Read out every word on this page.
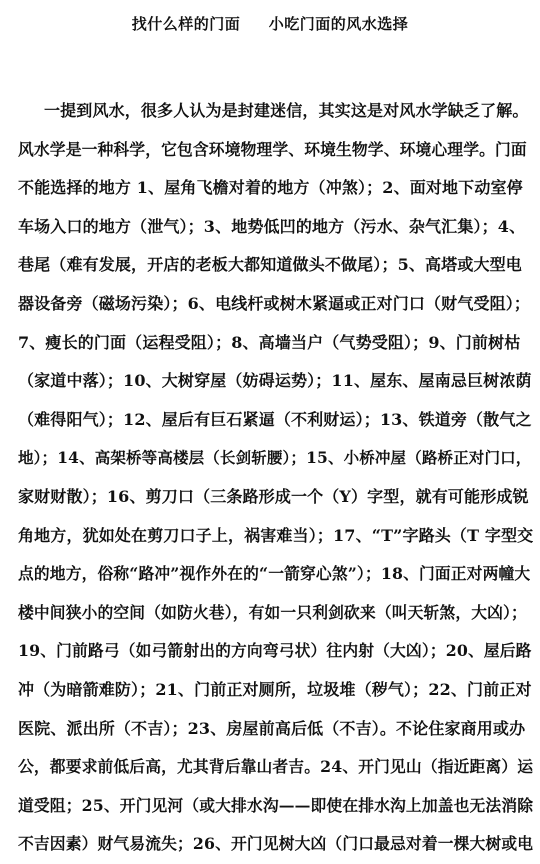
找什么样的门面     小吃门面的风水选择
一提到风水，很多人认为是封建迷信，其实这是对风水学缺乏了解。
风水学是一种科学，它包含环境物理学、环境生物学、环境心理学。门面
不能选择的地方 1、屋角飞檐对着的地方（冲煞）；2、面对地下动室停
车场入口的地方（泄气）；3、地势低凹的地方（污水、杂气汇集）；4、
巷尾（难有发展，开店的老板大都知道做头不做尾）；5、高塔或大型电
器设备旁（磁场污染）；6、电线杆或树木紧逼或正对门口（财气受阻）；
7、瘦长的门面（运程受阻）；8、高墙当户（气势受阻）；9、门前树枯
（家道中落）；10、大树穿屋（妨碍运势）；11、屋东、屋南忌巨树浓荫
（难得阳气）；12、屋后有巨石紧逼（不利财运）；13、铁道旁（散气之
地）；14、高架桥等高楼层（长剑斩腰）；15、小桥冲屋（路桥正对门口，
家财财散）；16、剪刀口（三条路形成一个（Y）字型，就有可能形成锐
角地方，犹如处在剪刀口子上，祸害难当）；17、“T”字路头（T 字型交
点的地方，俗称“路冲”视作外在的“一箭穿心煞”）；18、门面正对两幢大
楼中间狭小的空间（如防火巷），有如一只利剑砍来（叫天斩煞，大凶）；
19、门前路弓（如弓箭射出的方向弯弓状）往内射（大凶）；20、屋后路
冲（为暗箭难防）；21、门前正对厕所，垃圾堆（秽气）；22、门前正对
医院、派出所（不吉）；23、房屋前高后低（不吉）。不论住家商用或办
公，都要求前低后高，尤其背后靠山者吉。24、开门见山（指近距离）运
道受阻；25、开门见河（或大排水沟——即使在排水沟上加盖也无法消除
不吉因素）财气易流失；26、开门见树大凶（门口最忌对着一棵大树或电
